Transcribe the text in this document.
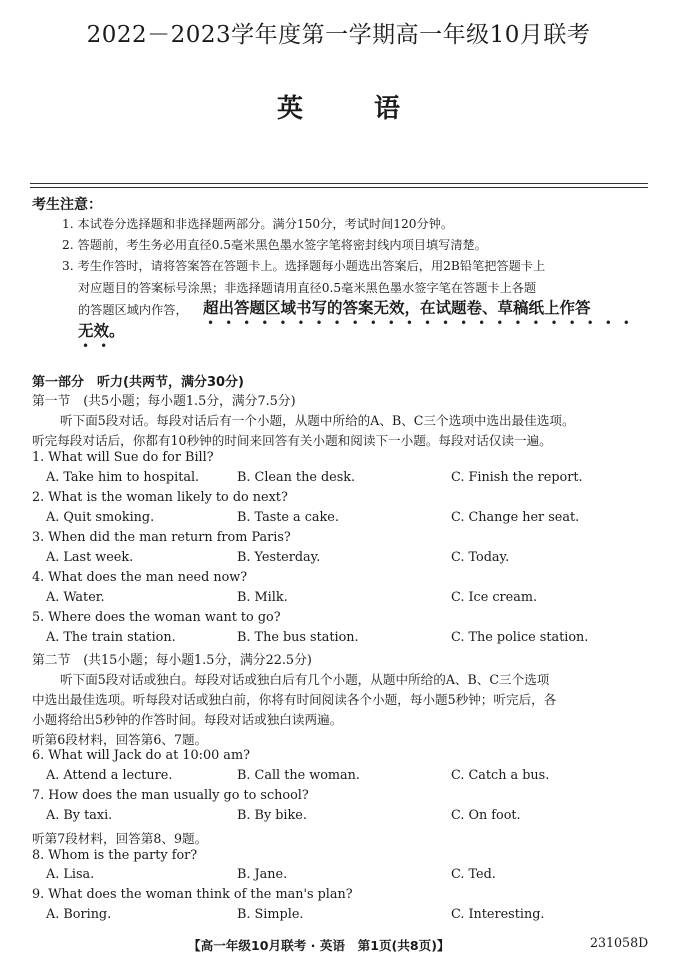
2022－2023学年度第一学期高一年级10月联考
英 语
考生注意：
1. 本试卷分选择题和非选择题两部分。满分150分，考试时间120分钟。
2. 答题前，考生务必用直径0.5毫米黑色墨水签字笔将密封线内项目填写清楚。
3. 考生作答时，请将答案答在答题卡上。选择题每小题选出答案后，用2B铅笔把答题卡上
对应题目的答案标号涂黑；非选择题请用直径0.5毫米黑色墨水签字笔在答题卡上各题
的答题区域内作答， 超出答题区域书写的答案无效，在试题卷、草稿纸上作答
••••••••••••••••••••••••
无效。
••
第一部分　听力(共两节，满分30分)
第一节　(共5小题；每小题1.5分，满分7.5分)
听下面5段对话。每段对话后有一个小题，从题中所给的A、B、C三个选项中选出最佳选项。
听完每段对话后，你都有10秒钟的时间来回答有关小题和阅读下一小题。每段对话仅读一遍。
1. What will Sue do for Bill?
A. Take him to hospital.	B. Clean the desk.	C. Finish the report.
2. What is the woman likely to do next?
A. Quit smoking.	B. Taste a cake.	C. Change her seat.
3. When did the man return from Paris?
A. Last week.	B. Yesterday.	C. Today.
4. What does the man need now?
A. Water.	B. Milk.	C. Ice cream.
5. Where does the woman want to go?
A. The train station.	B. The bus station.	C. The police station.
第二节　(共15小题；每小题1.5分，满分22.5分)
听下面5段对话或独白。每段对话或独白后有几个小题，从题中所给的A、B、C三个选项
中选出最佳选项。听每段对话或独白前，你将有时间阅读各个小题，每小题5秒钟；听完后，各
小题将给出5秒钟的作答时间。每段对话或独白读两遍。
听第6段材料，回答第6、7题。
6. What will Jack do at 10:00 am?
A. Attend a lecture.	B. Call the woman.	C. Catch a bus.
7. How does the man usually go to school?
A. By taxi.	B. By bike.	C. On foot.
听第7段材料，回答第8、9题。
8. Whom is the party for?
A. Lisa.	B. Jane.	C. Ted.
9. What does the woman think of the man's plan?
A. Boring.	B. Simple.	C. Interesting.
【高一年级10月联考 · 英语　第1页(共8页)】	231058D
